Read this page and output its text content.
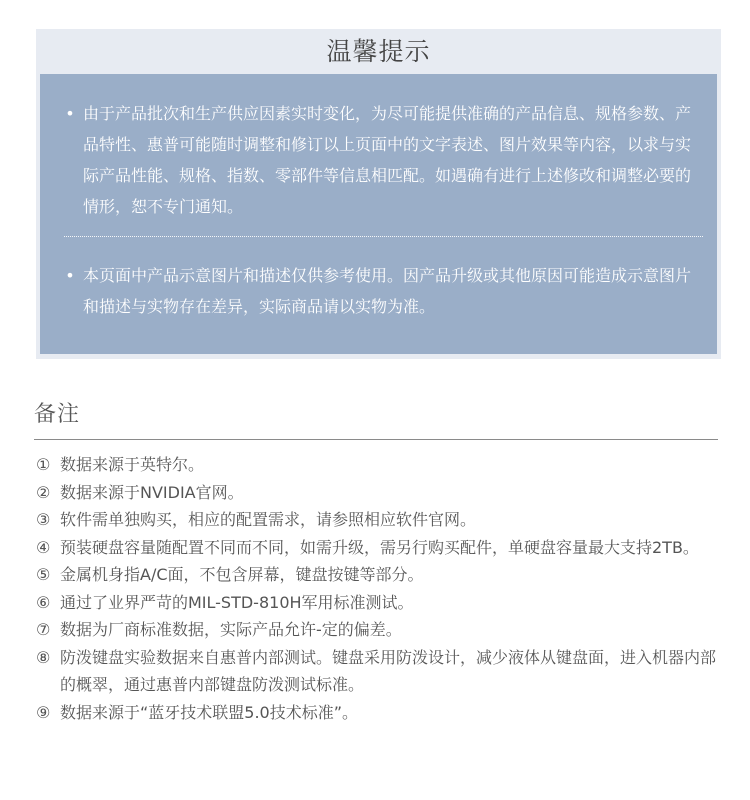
温馨提示
• 由于产品批次和生产供应因素实时变化，为尽可能提供准确的产品信息、规格参数、产品特性、惠普可能随时调整和修订以上页面中的文字表述、图片效果等内容，以求与实际产品性能、规格、指数、零部件等信息相匹配。如遇确有进行上述修改和调整必要的情形，恕不专门通知。
• 本页面中产品示意图片和描述仅供参考使用。因产品升级或其他原因可能造成示意图片和描述与实物存在差异，实际商品请以实物为准。
备注
① 数据来源于英特尔。
② 数据来源于NVIDIA官网。
③ 软件需单独购买，相应的配置需求，请参照相应软件官网。
④ 预装硬盘容量随配置不同而不同，如需升级，需另行购买配件，单硬盘容量最大支持2TB。
⑤ 金属机身指A/C面，不包含屏幕，键盘按键等部分。
⑥ 通过了业界严苛的MIL-STD-810H军用标准测试。
⑦ 数据为厂商标准数据，实际产品允许-定的偏差。
⑧ 防泼键盘实验数据来自惠普内部测试。键盘采用防泼设计，减少液体从键盘面，进入机器内部的概翠，通过惠普内部键盘防泼测试标准。
⑨ 数据来源于“蓝牙技术联盟5.0技术标准”。
